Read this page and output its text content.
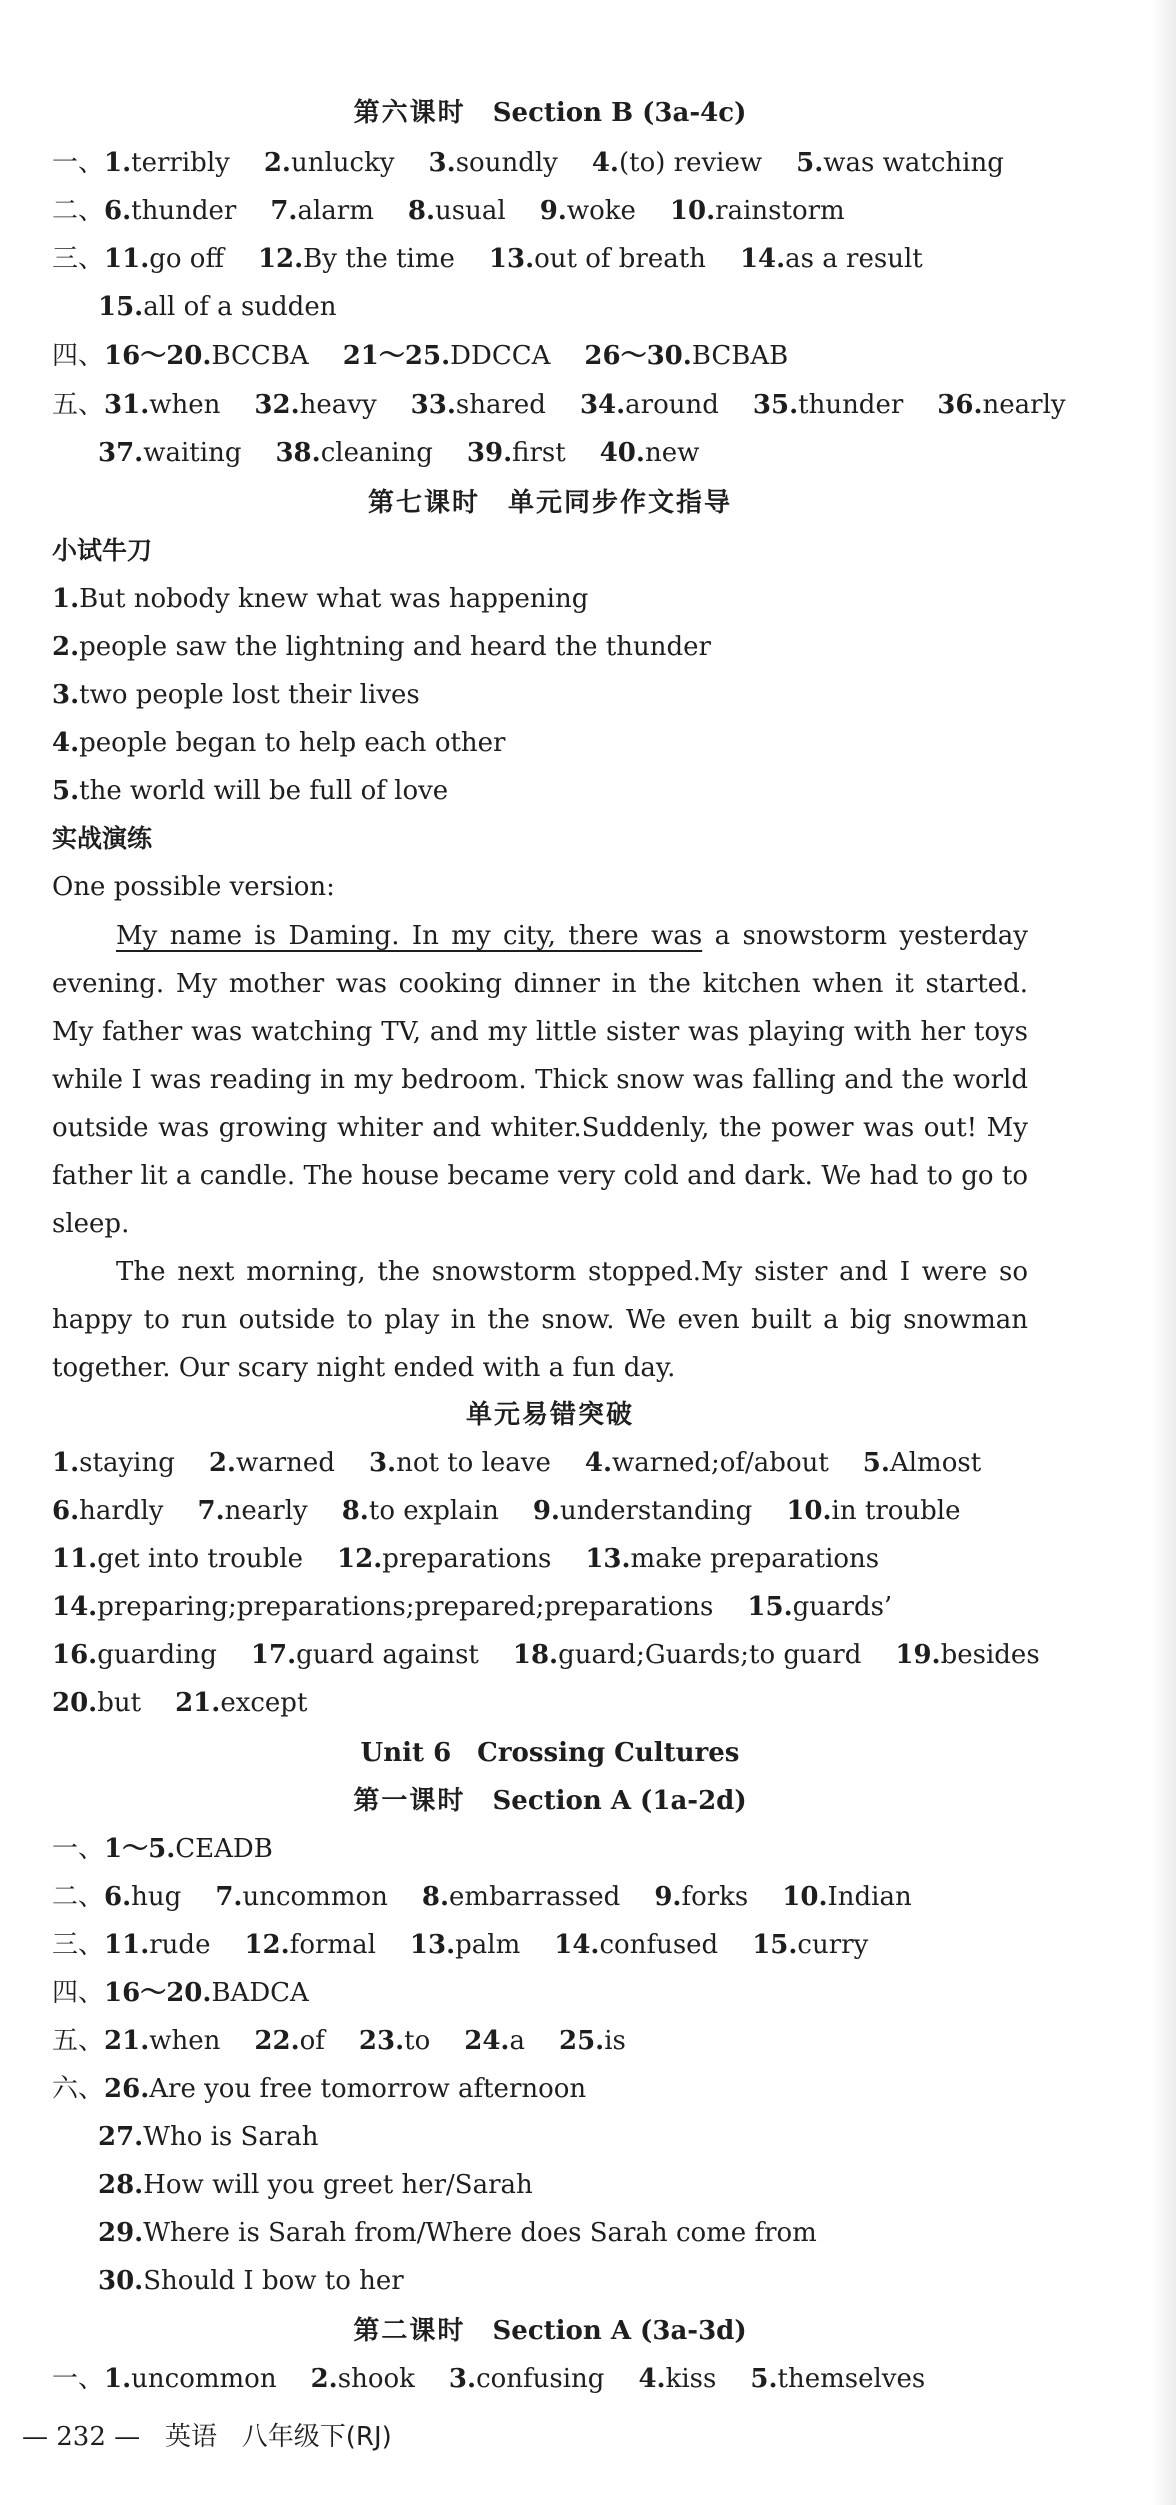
第六课时 Section B (3a-4c)
一、1.terribly 2.unlucky 3.soundly 4.(to) review 5.was watching
二、6.thunder 7.alarm 8.usual 9.woke 10.rainstorm
三、11.go off 12.By the time 13.out of breath 14.as a result
15.all of a sudden
四、16～20.BCCBA 21～25.DDCCA 26～30.BCBAB
五、31.when 32.heavy 33.shared 34.around 35.thunder 36.nearly
37.waiting 38.cleaning 39.first 40.new
第七课时　单元同步作文指导
小试牛刀
1.But nobody knew what was happening
2.people saw the lightning and heard the thunder
3.two people lost their lives
4.people began to help each other
5.the world will be full of love
实战演练
One possible version:

My name is Daming. In my city, there was a snowstorm yesterday evening. My mother was cooking dinner in the kitchen when it started. My father was watching TV, and my little sister was playing with her toys while I was reading in my bedroom. Thick snow was falling and the world outside was growing whiter and whiter.Suddenly, the power was out! My father lit a candle. The house became very cold and dark. We had to go to sleep.

The next morning, the snowstorm stopped.My sister and I were so happy to run outside to play in the snow. We even built a big snowman together. Our scary night ended with a fun day.

单元易错突破
1.staying 2.warned 3.not to leave 4.warned;of/about 5.Almost
6.hardly 7.nearly 8.to explain 9.understanding 10.in trouble
11.get into trouble 12.preparations 13.make preparations
14.preparing;preparations;prepared;preparations 15.guards’
16.guarding 17.guard against 18.guard;Guards;to guard 19.besides
20.but 21.except
Unit 6　Crossing Cultures
第一课时 Section A (1a-2d)
一、1～5.CEADB
二、6.hug 7.uncommon 8.embarrassed 9.forks 10.Indian
三、11.rude 12.formal 13.palm 14.confused 15.curry
四、16～20.BADCA
五、21.when 22.of 23.to 24.a 25.is
六、26.Are you free tomorrow afternoon
27.Who is Sarah
28.How will you greet her/Sarah
29.Where is Sarah from/Where does Sarah come from
30.Should I bow to her
第二课时 Section A (3a-3d)
一、1.uncommon 2.shook 3.confusing 4.kiss 5.themselves
— 232 — 英语 八年级下(RJ)
